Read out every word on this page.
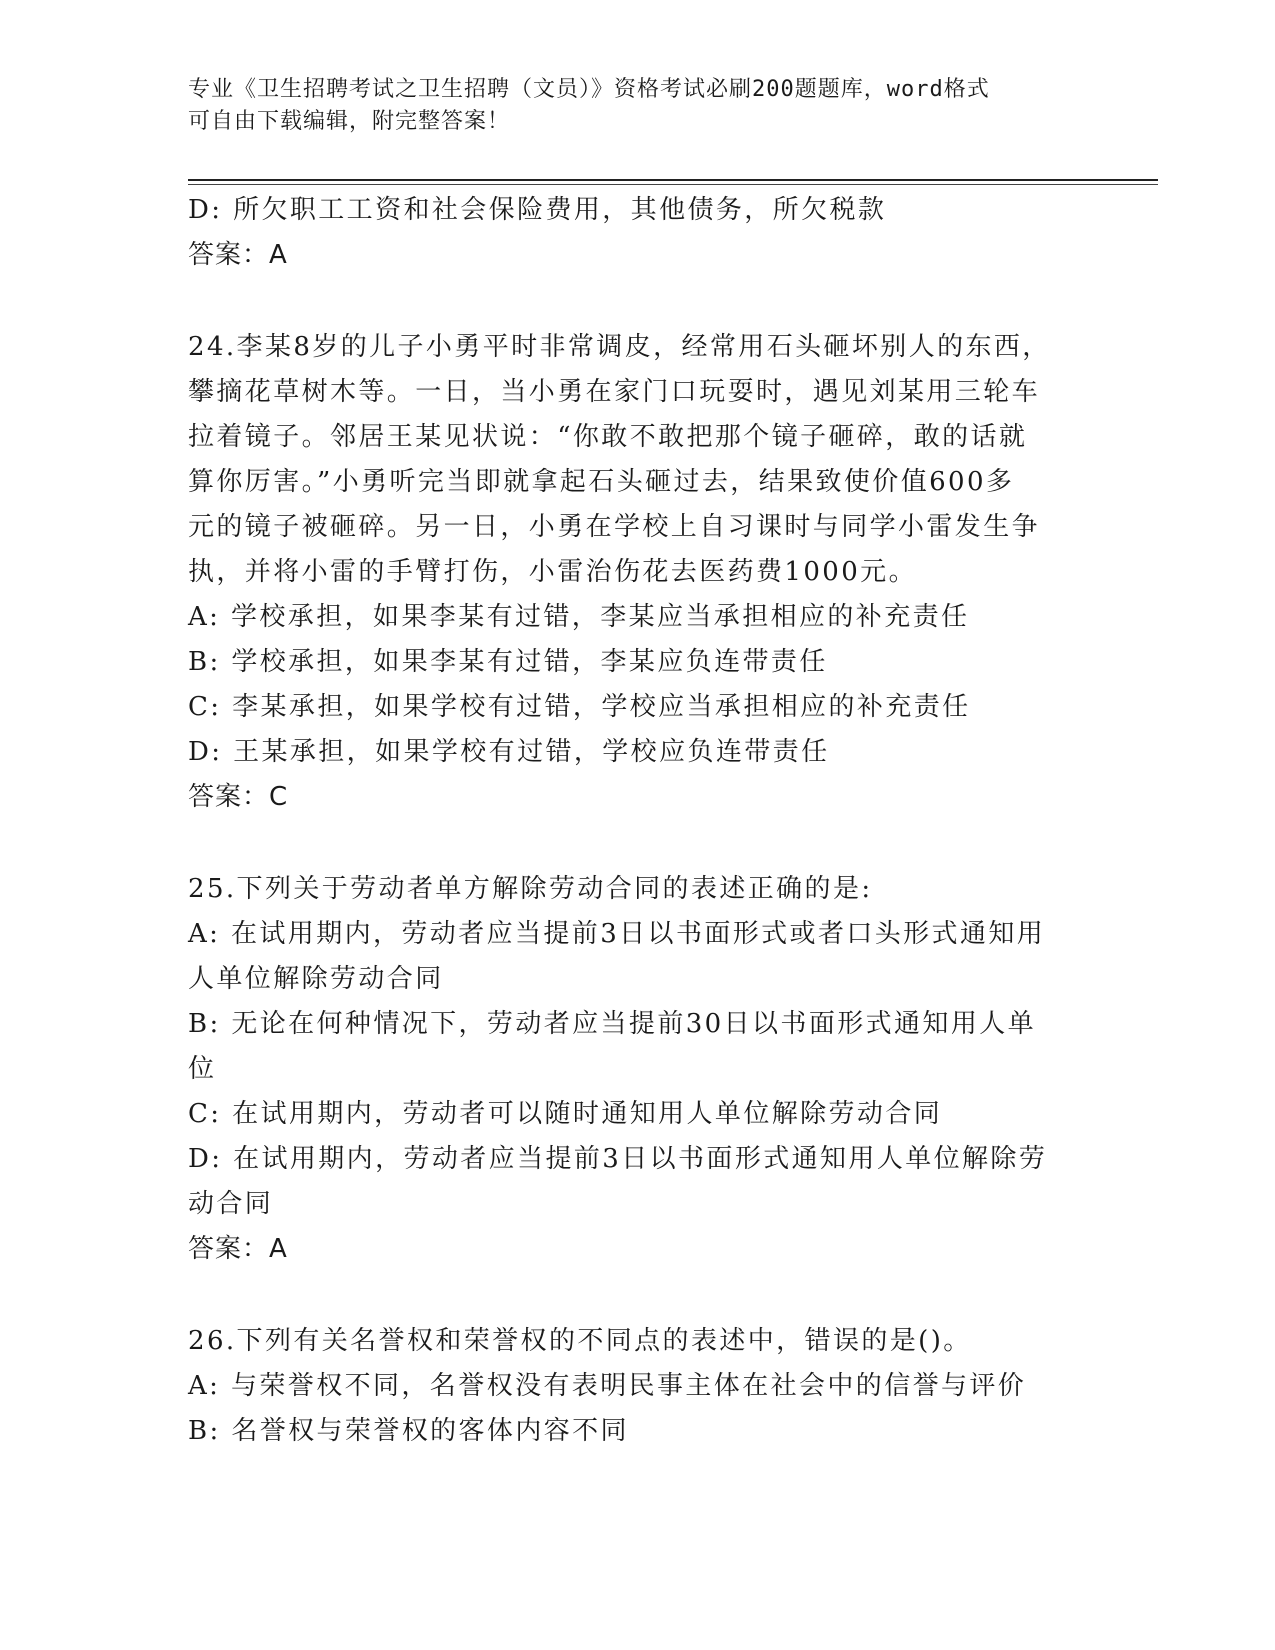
专业《卫生招聘考试之卫生招聘（文员）》资格考试必刷200题题库，word格式
可自由下载编辑，附完整答案！
D: 所欠职工工资和社会保险费用，其他债务，所欠税款
答案：A
24.李某8岁的儿子小勇平时非常调皮，经常用石头砸坏别人的东西，
攀摘花草树木等。一日，当小勇在家门口玩耍时，遇见刘某用三轮车
拉着镜子。邻居王某见状说：“你敢不敢把那个镜子砸碎，敢的话就
算你厉害。”小勇听完当即就拿起石头砸过去，结果致使价值600多
元的镜子被砸碎。另一日，小勇在学校上自习课时与同学小雷发生争
执，并将小雷的手臂打伤，小雷治伤花去医药费1000元。
A: 学校承担，如果李某有过错，李某应当承担相应的补充责任
B: 学校承担，如果李某有过错，李某应负连带责任
C: 李某承担，如果学校有过错，学校应当承担相应的补充责任
D: 王某承担，如果学校有过错，学校应负连带责任
答案：C
25.下列关于劳动者单方解除劳动合同的表述正确的是:
A: 在试用期内，劳动者应当提前3日以书面形式或者口头形式通知用
人单位解除劳动合同
B: 无论在何种情况下，劳动者应当提前30日以书面形式通知用人单
位
C: 在试用期内，劳动者可以随时通知用人单位解除劳动合同
D: 在试用期内，劳动者应当提前3日以书面形式通知用人单位解除劳
动合同
答案：A
26.下列有关名誉权和荣誉权的不同点的表述中，错误的是()。
A: 与荣誉权不同，名誉权没有表明民事主体在社会中的信誉与评价
B: 名誉权与荣誉权的客体内容不同
